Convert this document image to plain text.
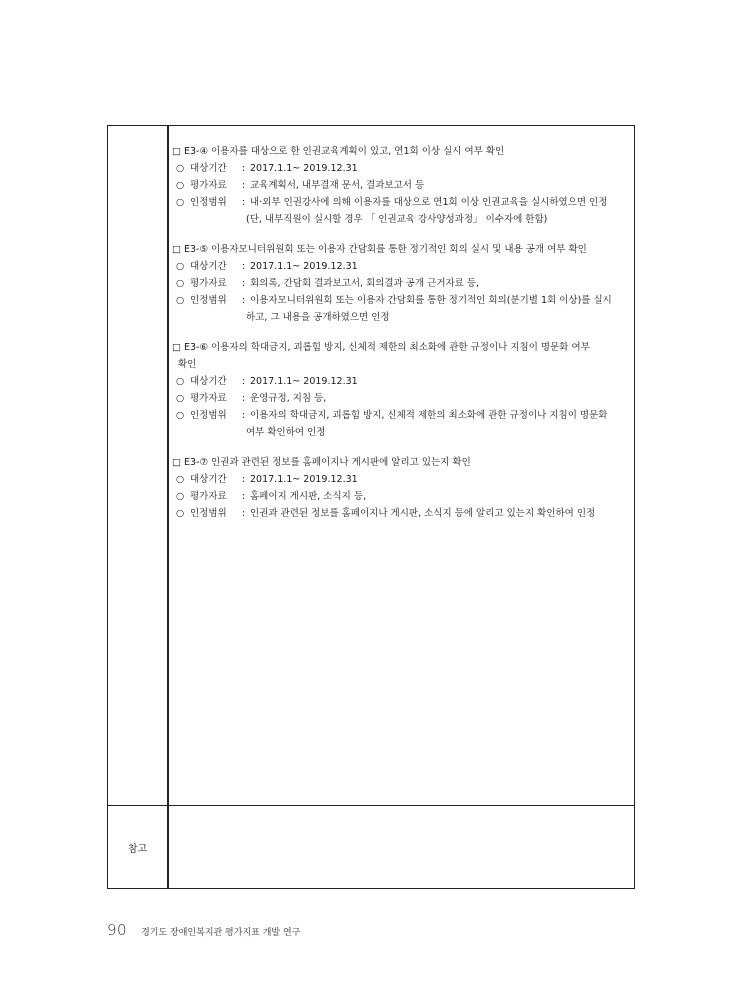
□ E3-④ 이용자를 대상으로 한 인권교육계획이 있고, 연1회 이상 실시 여부 확인
○ 대상기간	: 2017.1.1~ 2019.12.31
○ 평가자료	: 교육계획서, 내부결재 문서, 결과보고서 등
○ 인정범위	: 내·외부 인권강사에 의해 이용자를 대상으로 연1회 이상 인권교육을 실시하였으면 인정
(단, 내부직원이 실시할 경우 「 인권교육 강사양성과정」 이수자에 한함)
□ E3-⑤ 이용자모니터위원회 또는 이용자 간담회를 통한 정기적인 회의 실시 및 내용 공개 여부 확인
○ 대상기간	: 2017.1.1~ 2019.12.31
○ 평가자료	: 회의록, 간담회 결과보고서, 회의결과 공개 근거자료 등,
○ 인정범위	: 이용자모니터위원회 또는 이용자 간담회를 통한 정기적인 회의(분기별 1회 이상)를 실시
하고, 그 내용을 공개하였으면 인정
□ E3-⑥ 이용자의 학대금지, 괴롭힘 방지, 신체적 제한의 최소화에 관한 규정이나 지침이 명문화 여부
확인
○ 대상기간	: 2017.1.1~ 2019.12.31
○ 평가자료	: 운영규정, 지침 등,
○ 인정범위	: 이용자의 학대금지, 괴롭힘 방지, 신체적 제한의 최소화에 관한 규정이나 지침이 명문화
여부 확인하여 인정
□ E3-⑦ 인권과 관련된 정보를 홈페이지나 게시판에 알리고 있는지 확인
○ 대상기간	: 2017.1.1~ 2019.12.31
○ 평가자료	: 홈페이지 게시판, 소식지 등,
○ 인정범위	: 인권과 관련된 정보를 홈페이지나 게시판, 소식지 등에 알리고 있는지 확인하여 인정
참고
90 경기도 장애인복지관 평가지표 개발 연구
